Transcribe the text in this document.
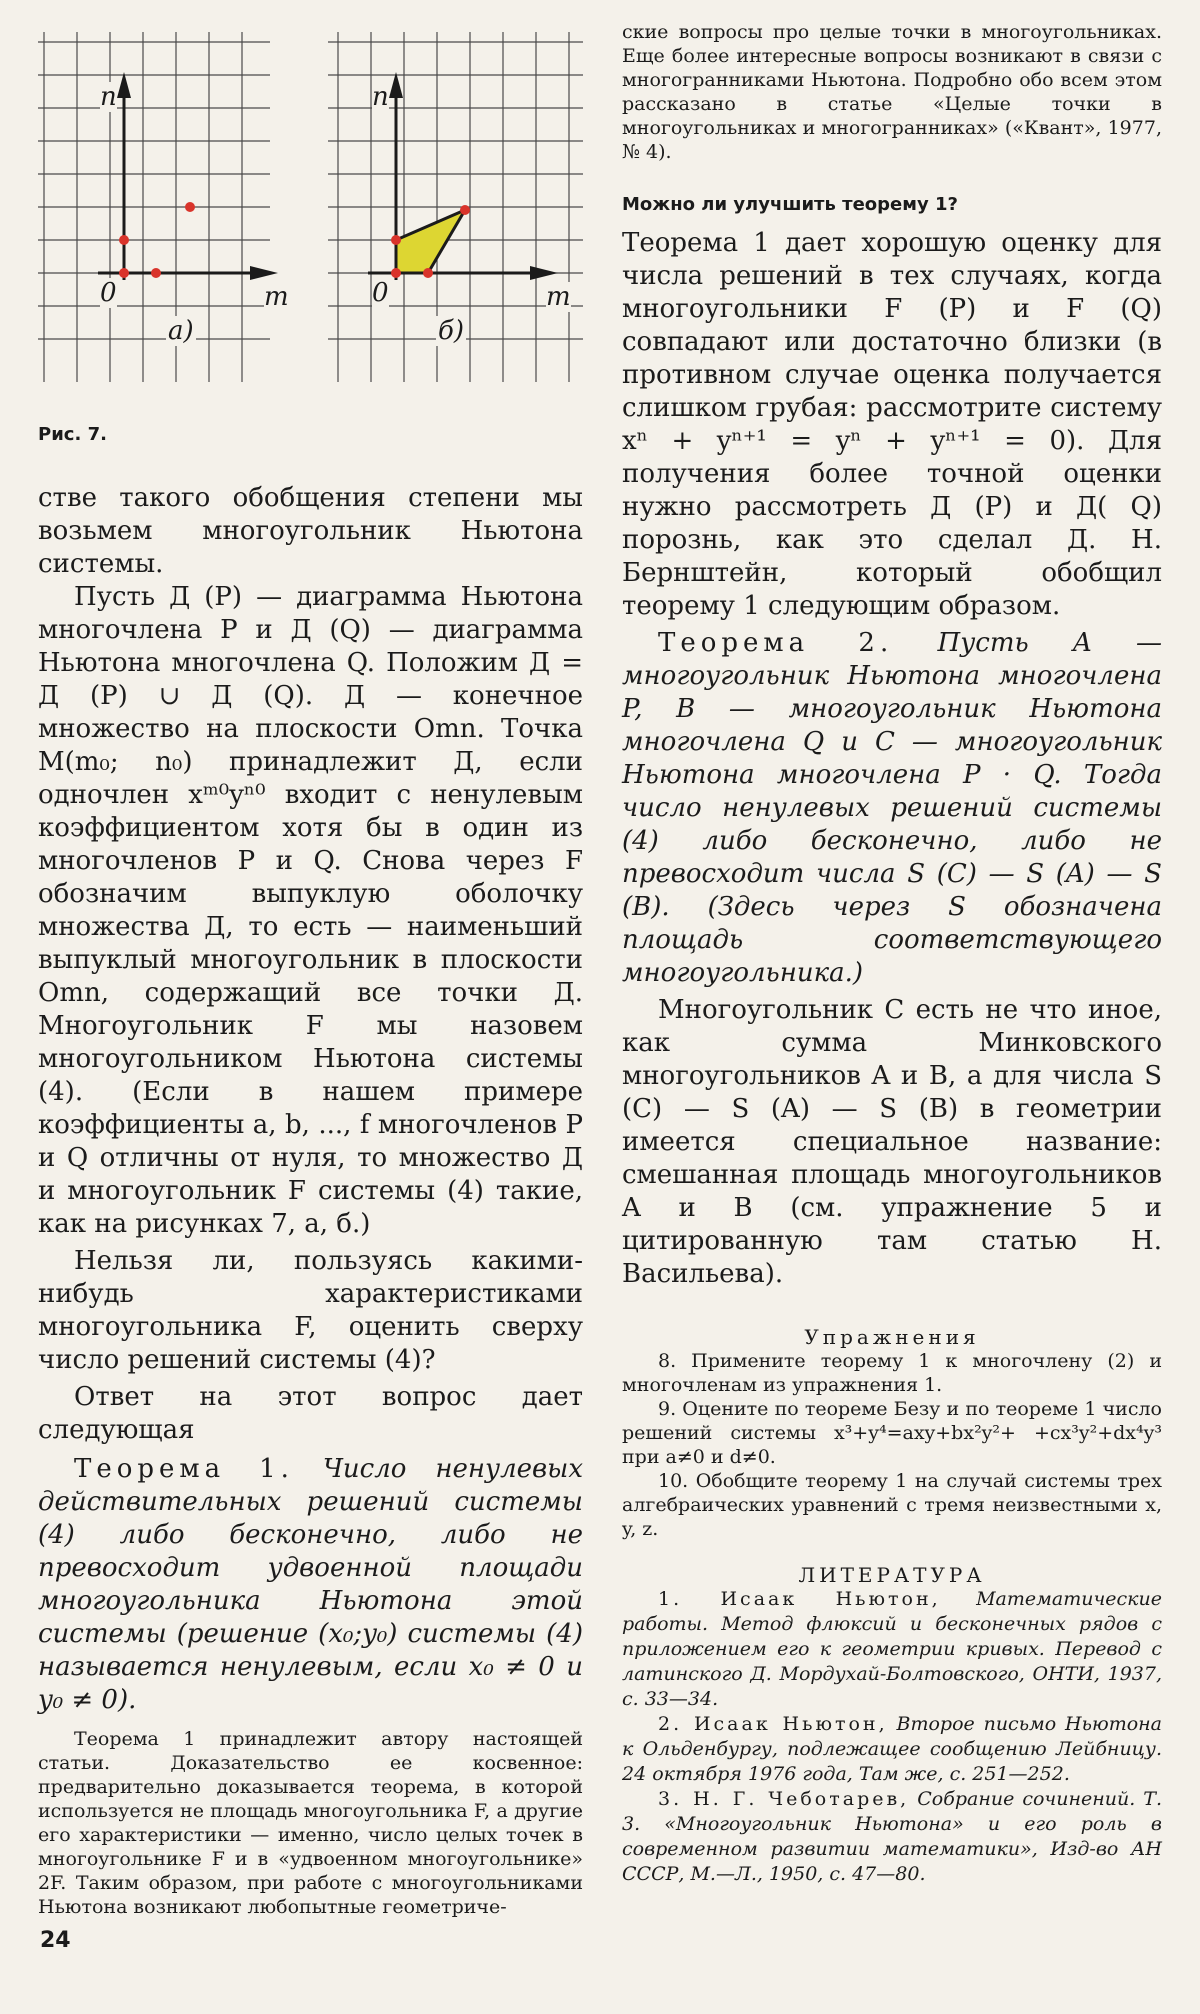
n
0	m
а)
n
0	m
б)
Рис. 7.

стве такого обобщения степени мы возьмем многоугольник Ньютона системы.

Пусть Д (P) — диаграмма Ньютона многочлена P и Д (Q) — диаграмма Ньютона многочлена Q. Положим Д = Д (P) ∪ Д (Q). Д — конечное множество на плоскости Omn. Точка M(m₀; n₀) принадлежит Д, если одночлен xᵐ⁰yⁿ⁰ входит с ненулевым коэффициентом хотя бы в один из многочленов P и Q. Снова через F обозначим выпуклую оболочку множества Д, то есть — наименьший выпуклый многоугольник в плоскости Omn, содержащий все точки Д. Многоугольник F мы назовем многоугольником Ньютона системы (4). (Если в нашем примере коэффициенты a, b, ..., f многочленов P и Q отличны от нуля, то множество Д и многоугольник F системы (4) такие, как на рисунках 7, а, б.)

Нельзя ли, пользуясь какими-нибудь характеристиками многоугольника F, оценить сверху число решений системы (4)?

Ответ на этот вопрос дает следующая

Теорема 1. Число ненулевых действительных решений системы (4) либо бесконечно, либо не превосходит удвоенной площади многоугольника Ньютона этой системы (решение (x₀;y₀) системы (4) называется ненулевым, если x₀ ≠ 0 и y₀ ≠ 0).

Теорема 1 принадлежит автору настоящей статьи. Доказательство ее косвенное: предварительно доказывается теорема, в которой используется не площадь многоугольника F, а другие его характеристики — именно, число целых точек в многоугольнике F и в «удвоенном многоугольнике» 2F. Таким образом, при работе с многоугольниками Ньютона возникают любопытные геометриче-

ские вопросы про целые точки в многоугольниках. Еще более интересные вопросы возникают в связи с многогранниками Ньютона. Подробно обо всем этом рассказано в статье «Целые точки в многоугольниках и многогранниках» («Квант», 1977, № 4).

Можно ли улучшить теорему 1?

Теорема 1 дает хорошую оценку для числа решений в тех случаях, когда многоугольники F (P) и F (Q) совпадают или достаточно близки (в противном случае оценка получается слишком грубая: рассмотрите систему xⁿ + yⁿ⁺¹ = yⁿ + yⁿ⁺¹ = 0). Для получения более точной оценки нужно рассмотреть Д (P) и Д( Q) порознь, как это сделал Д. Н. Бернштейн, который обобщил теорему 1 следующим образом.

Теорема 2. Пусть A — многоугольник Ньютона многочлена P, B — многоугольник Ньютона многочлена Q и C — многоугольник Ньютона многочлена P · Q. Тогда число ненулевых решений системы (4) либо бесконечно, либо не превосходит числа S (C) — S (A) — S (B). (Здесь через S обозначена площадь соответствующего многоугольника.)

Многоугольник C есть не что иное, как сумма Минковского многоугольников A и B, а для числа S (C) — S (A) — S (B) в геометрии имеется специальное название: смешанная площадь многоугольников A и B (см. упражнение 5 и цитированную там статью Н. Васильева).

Упражнения

8. Примените теорему 1 к многочлену (2) и многочленам из упражнения 1.

9. Оцените по теореме Безу и по теореме 1 число решений системы x³+y⁴=axy+bx²y²+ +cx³y²+dx⁴y³ при a≠0 и d≠0.

10. Обобщите теорему 1 на случай системы трех алгебраических уравнений с тремя неизвестными x, y, z.

ЛИТЕРАТУРА

1. Исаак Ньютон, Математические работы. Метод флюксий и бесконечных рядов с приложением его к геометрии кривых. Перевод с латинского Д. Мордухай-Болтовского, ОНТИ, 1937, с. 33—34.

2. Исаак Ньютон, Второе письмо Ньютона к Ольденбургу, подлежащее сообщению Лейбницу. 24 октября 1976 года, Там же, с. 251—252.

3. Н. Г. Чеботарев, Собрание сочинений. Т. 3. «Многоугольник Ньютона» и его роль в современном развитии математики», Изд-во АН СССР, М.—Л., 1950, с. 47—80.

24
